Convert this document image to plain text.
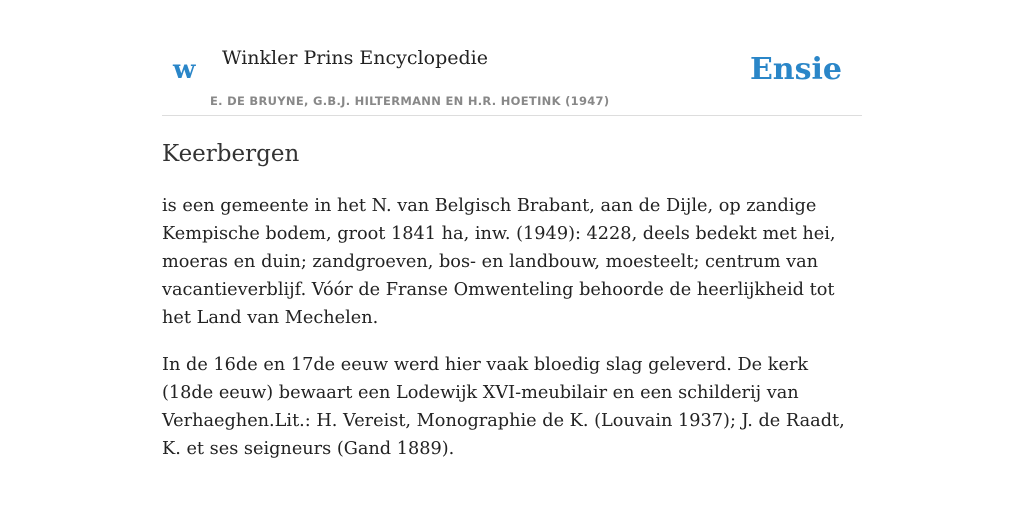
w Winkler Prins Encyclopedie
E. DE BRUYNE, G.B.J. HILTERMANN EN H.R. HOETINK (1947)
Ensie
Keerbergen

is een gemeente in het N. van Belgisch Brabant, aan de Dijle, op zandige Kempische bodem, groot 1841 ha, inw. (1949): 4228, deels bedekt met hei, moeras en duin; zandgroeven, bos- en landbouw, moesteelt; centrum van vacantieverblijf. Vóór de Franse Omwenteling behoorde de heerlijkheid tot het Land van Mechelen.

In de 16de en 17de eeuw werd hier vaak bloedig slag geleverd. De kerk (18de eeuw) bewaart een Lodewijk XVI-meubilair en een schilderij van Verhaeghen.Lit.: H. Vereist, Monographie de K. (Louvain 1937); J. de Raadt, K. et ses seigneurs (Gand 1889).
